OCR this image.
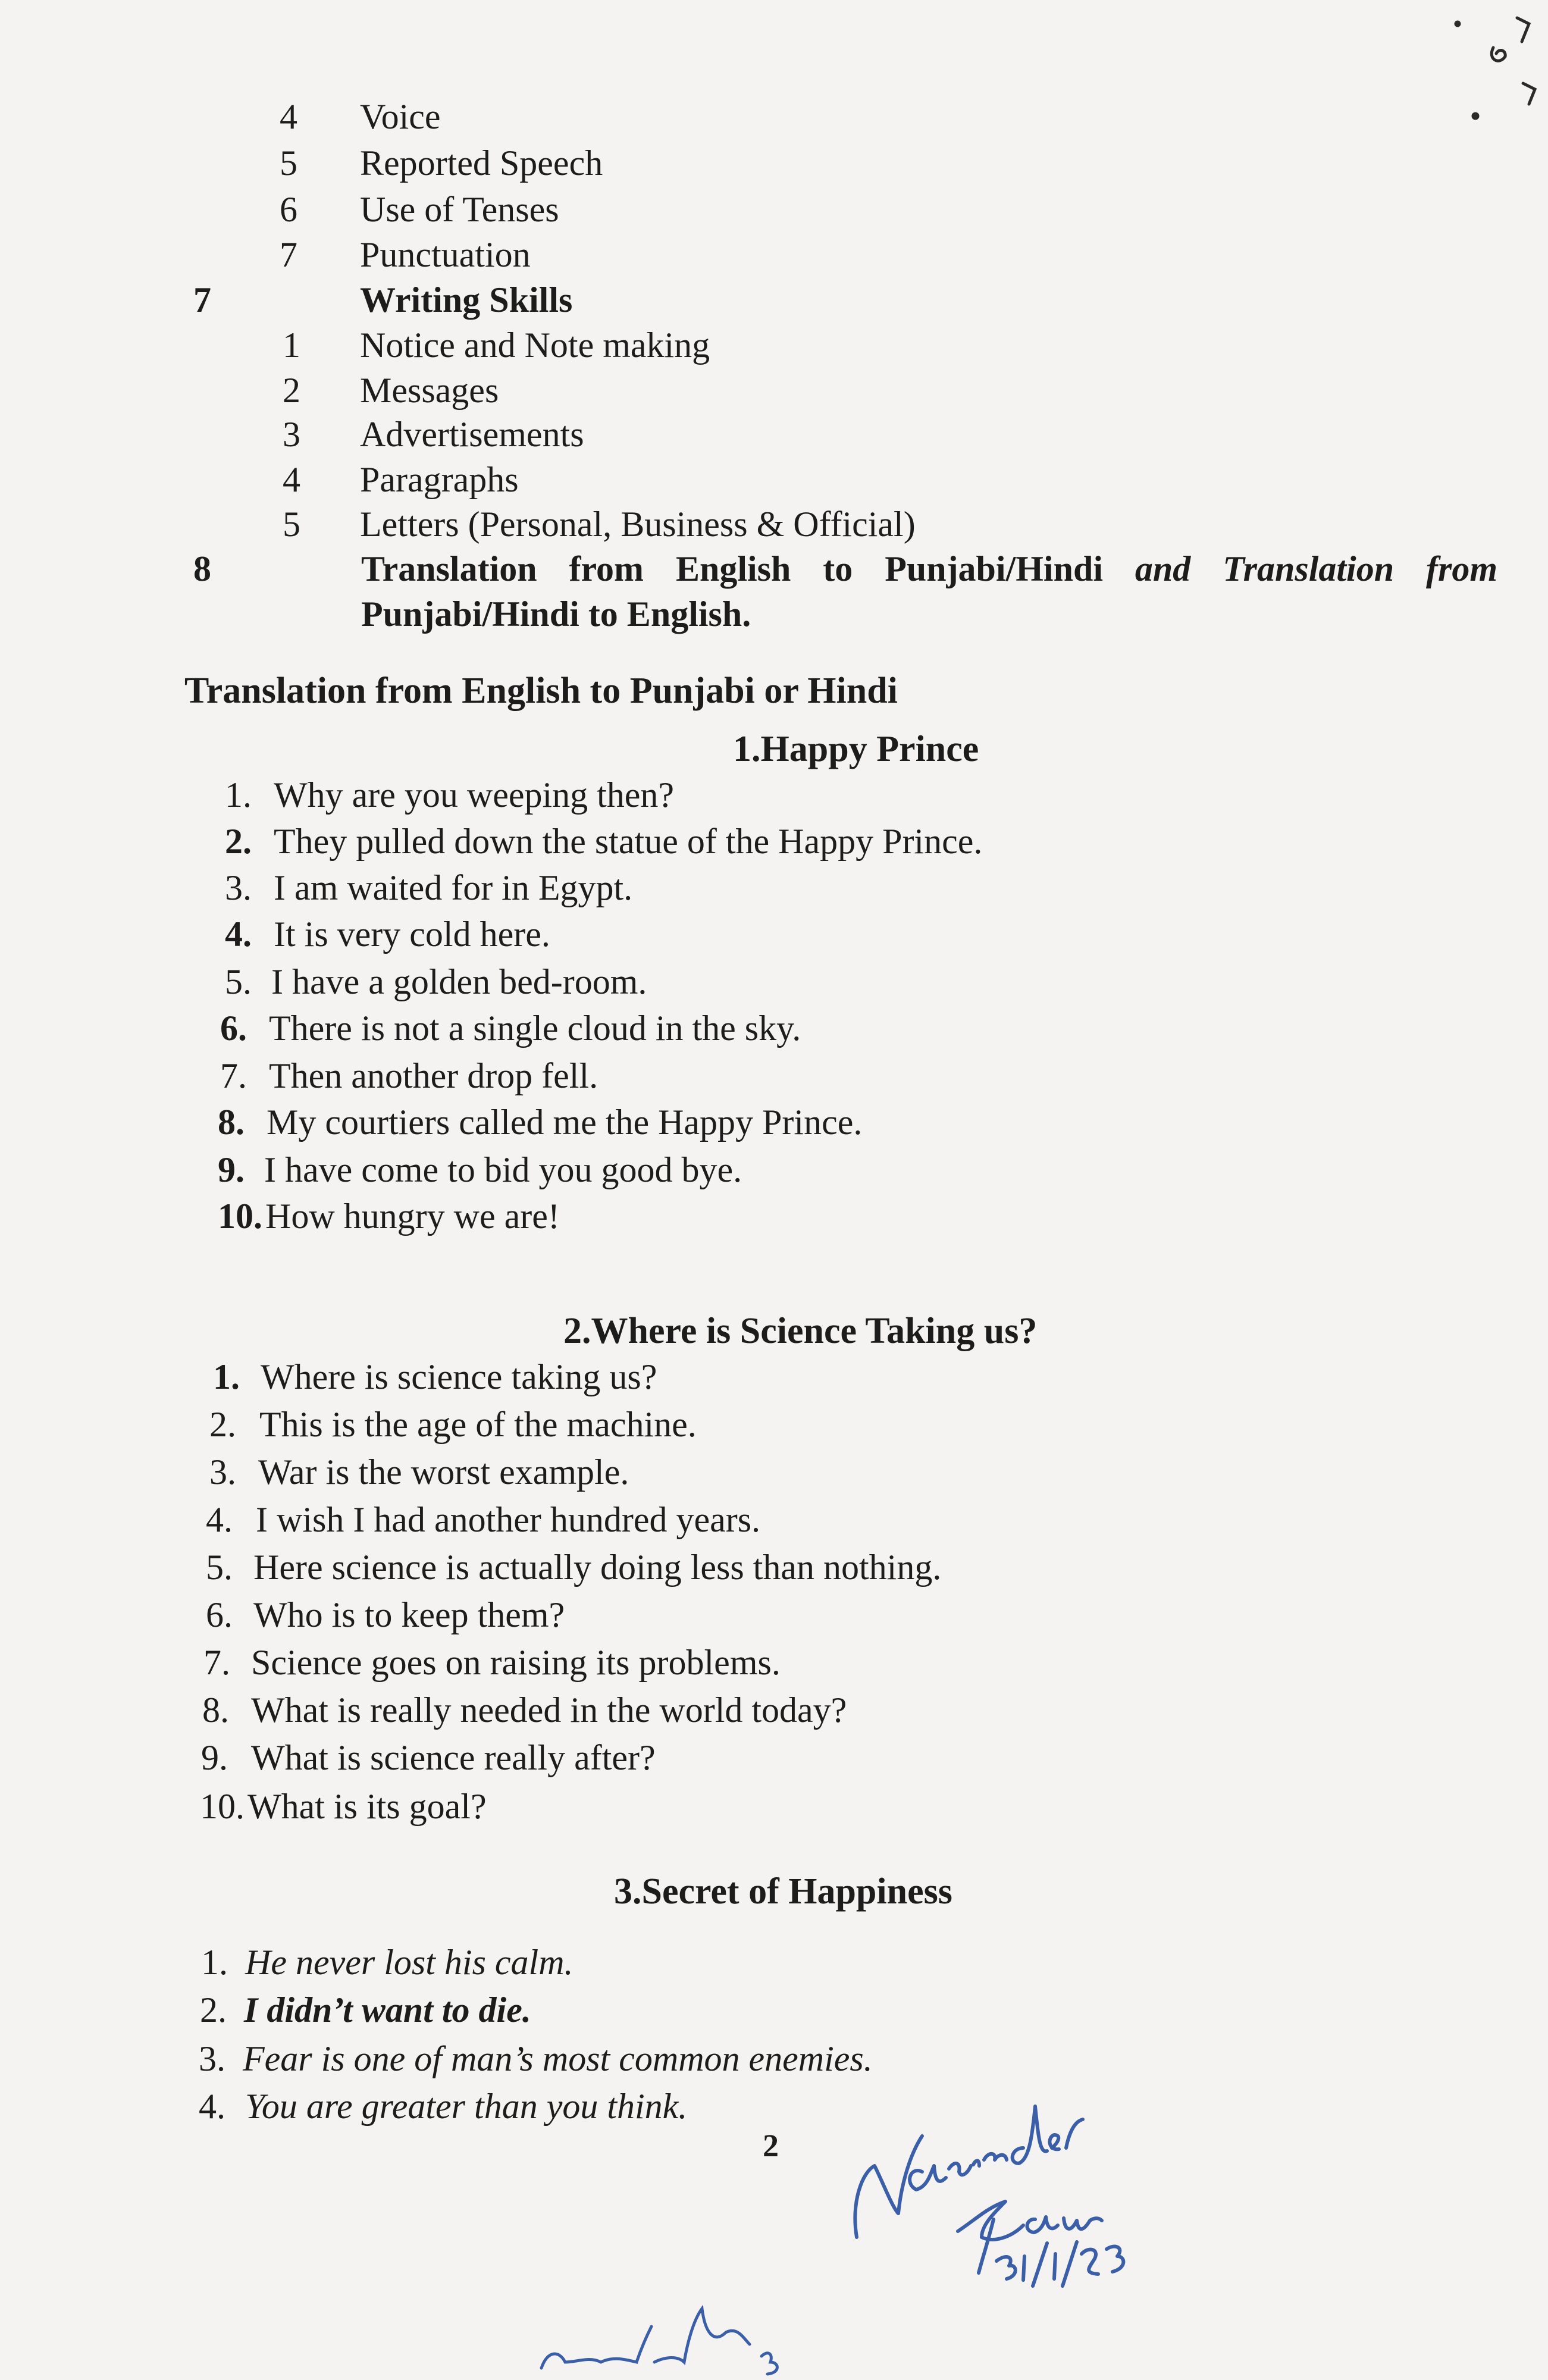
4 Voice
5 Reported Speech
6 Use of Tenses
7 Punctuation
7	Writing Skills
1 Notice and Note making
2 Messages
3 Advertisements
4 Paragraphs
5 Letters (Personal, Business & Official)
8	Translation from English to Punjabi/Hindi and Translation from
Punjabi/Hindi to English.
Translation from English to Punjabi or Hindi
1.Happy Prince
1. Why are you weeping then?
2. They pulled down the statue of the Happy Prince.
3. I am waited for in Egypt.
4. It is very cold here.
5. I have a golden bed-room.
6. There is not a single cloud in the sky.
7. Then another drop fell.
8. My courtiers called me the Happy Prince.
9. I have come to bid you good bye.
10. How hungry we are!
2.Where is Science Taking us?
1. Where is science taking us?
2. This is the age of the machine.
3. War is the worst example.
4. I wish I had another hundred years.
5. Here science is actually doing less than nothing.
6. Who is to keep them?
7. Science goes on raising its problems.
8. What is really needed in the world today?
9. What is science really after?
10. What is its goal?
3.Secret of Happiness
1. He never lost his calm.
2. I didn’t want to die.
3. Fear is one of man’s most common enemies.
4. You are greater than you think.
2
